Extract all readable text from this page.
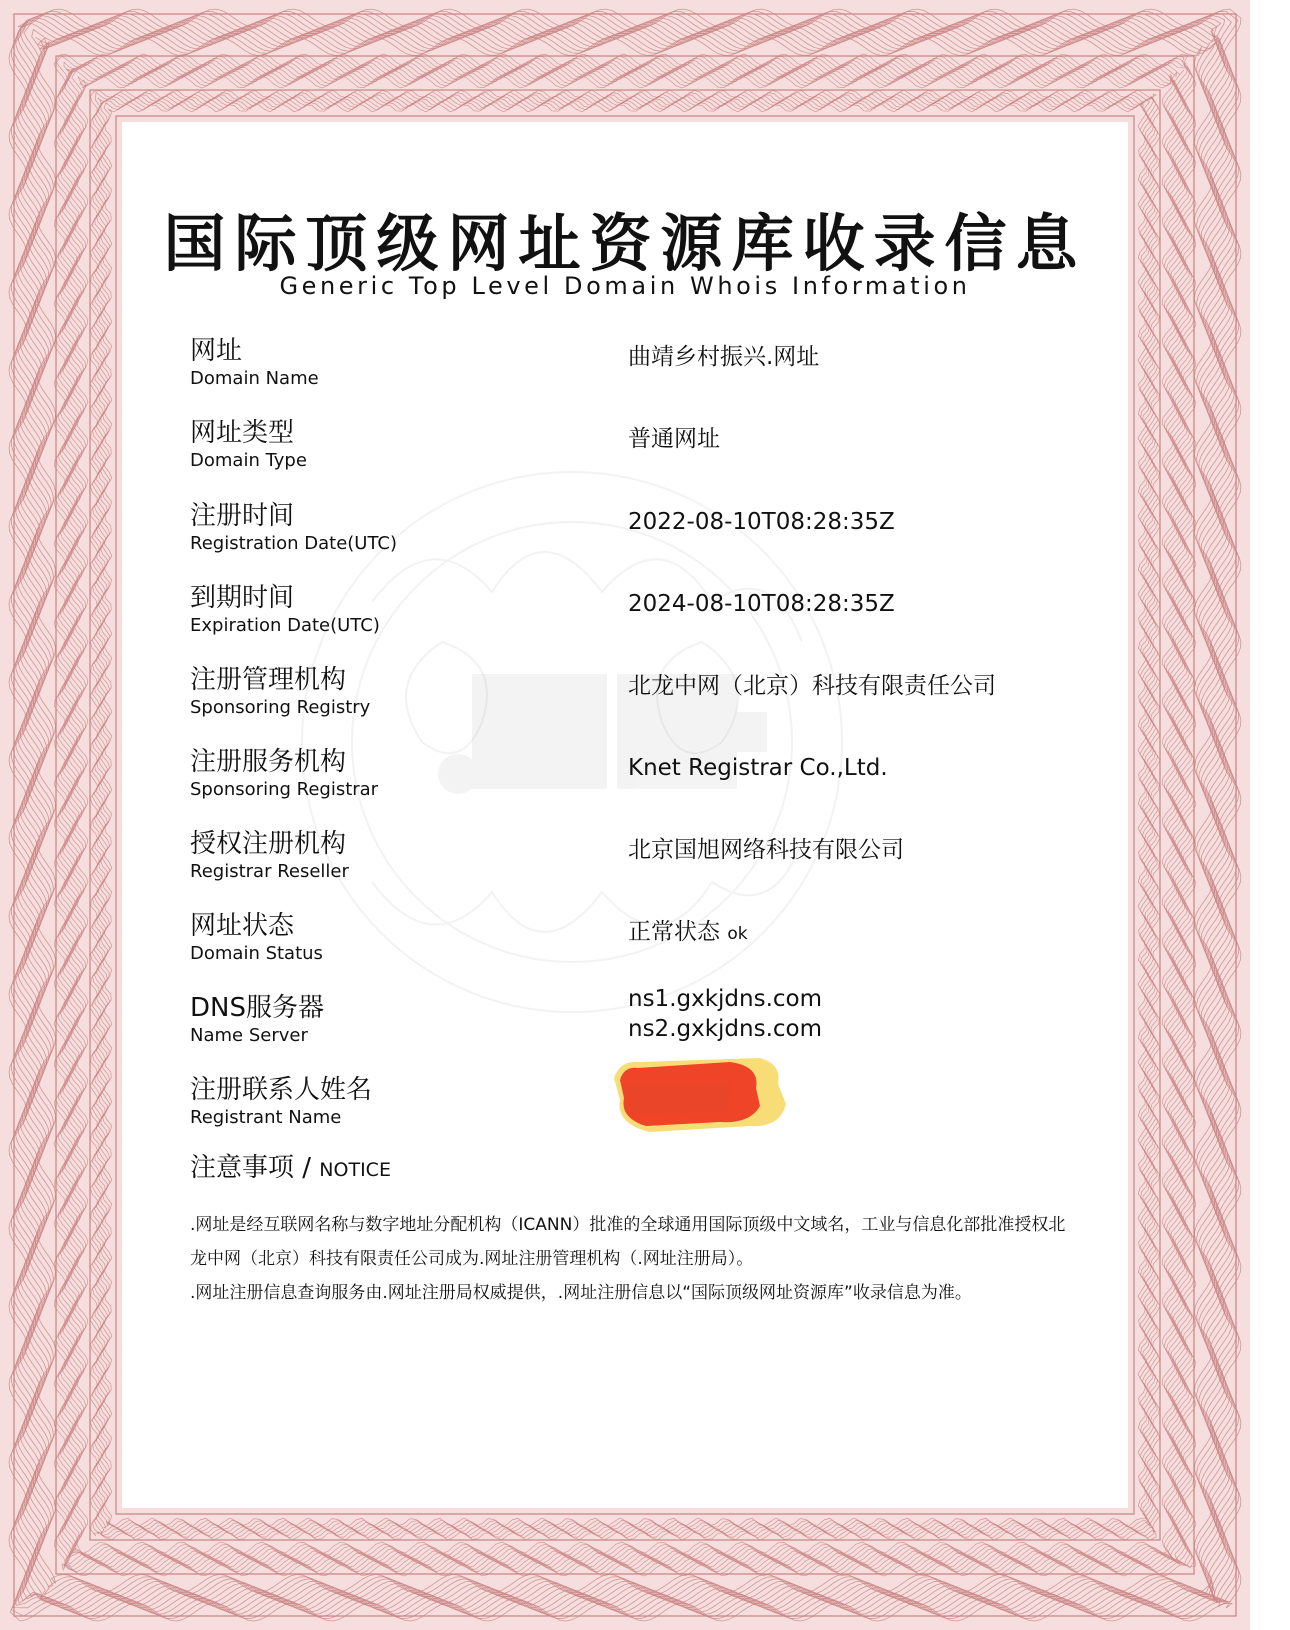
国际顶级网址资源库收录信息
Generic Top Level Domain Whois Information
网址
Domain Name
曲靖乡村振兴.网址
网址类型
Domain Type
普通网址
注册时间
Registration Date(UTC)
2022-08-10T08:28:35Z
到期时间
Expiration Date(UTC)
2024-08-10T08:28:35Z
注册管理机构
Sponsoring Registry
北龙中网（北京）科技有限责任公司
注册服务机构
Sponsoring Registrar
Knet Registrar Co.,Ltd.
授权注册机构
Registrar Reseller
北京国旭网络科技有限公司
网址状态
Domain Status
正常状态 ok
DNS服务器
Name Server
ns1.gxkjdns.com
ns2.gxkjdns.com
注册联系人姓名
Registrant Name
注意事项 / NOTICE

.网址是经互联网名称与数字地址分配机构（ICANN）批准的全球通用国际顶级中文域名，工业与信息化部批准授权北龙中网（北京）科技有限责任公司成为.网址注册管理机构（.网址注册局）。

.网址注册信息查询服务由.网址注册局权威提供，.网址注册信息以“国际顶级网址资源库”收录信息为准。
